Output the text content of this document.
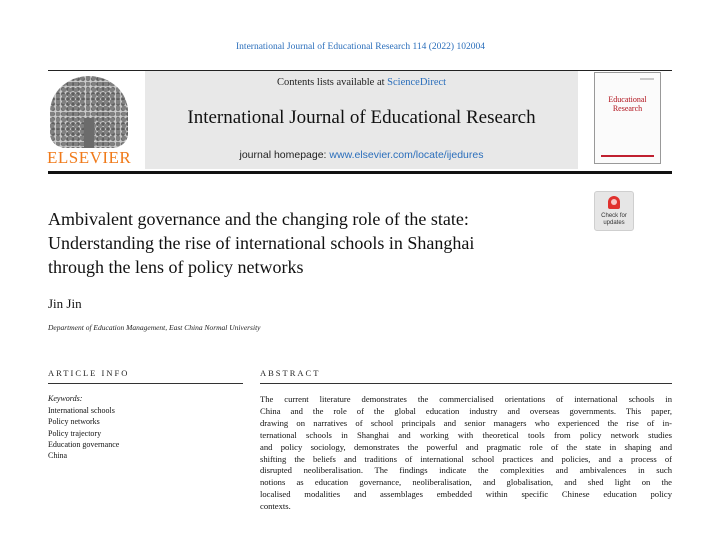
International Journal of Educational Research 114 (2022) 102004
ELSEVIER
Contents lists available at ScienceDirect
International Journal of Educational Research
journal homepage: www.elsevier.com/locate/ijedures
Educational
Research
Check for
updates
Ambivalent governance and the changing role of the state:
Understanding the rise of international schools in Shanghai
through the lens of policy networks
Jin Jin
Department of Education Management, East China Normal University
ARTICLE INFO
Keywords:
International schools
Policy networks
Policy trajectory
Education governance
China
ABSTRACT
The current literature demonstrates the commercialised orientations of international schools in
China and the role of the global education industry and overseas governments. This paper,
drawing on narratives of school principals and senior managers who experienced the rise of in-
ternational schools in Shanghai and working with theoretical tools from policy network studies
and policy sociology, demonstrates the powerful and pragmatic role of the state in shaping and
shifting the beliefs and traditions of international school practices and policies, and a process of
disrupted neoliberalisation. The findings indicate the complexities and ambivalences in such
notions as education governance, neoliberalisation, and globalisation, and shed light on the
localised modalities and assemblages embedded within specific Chinese education policy
contexts.
